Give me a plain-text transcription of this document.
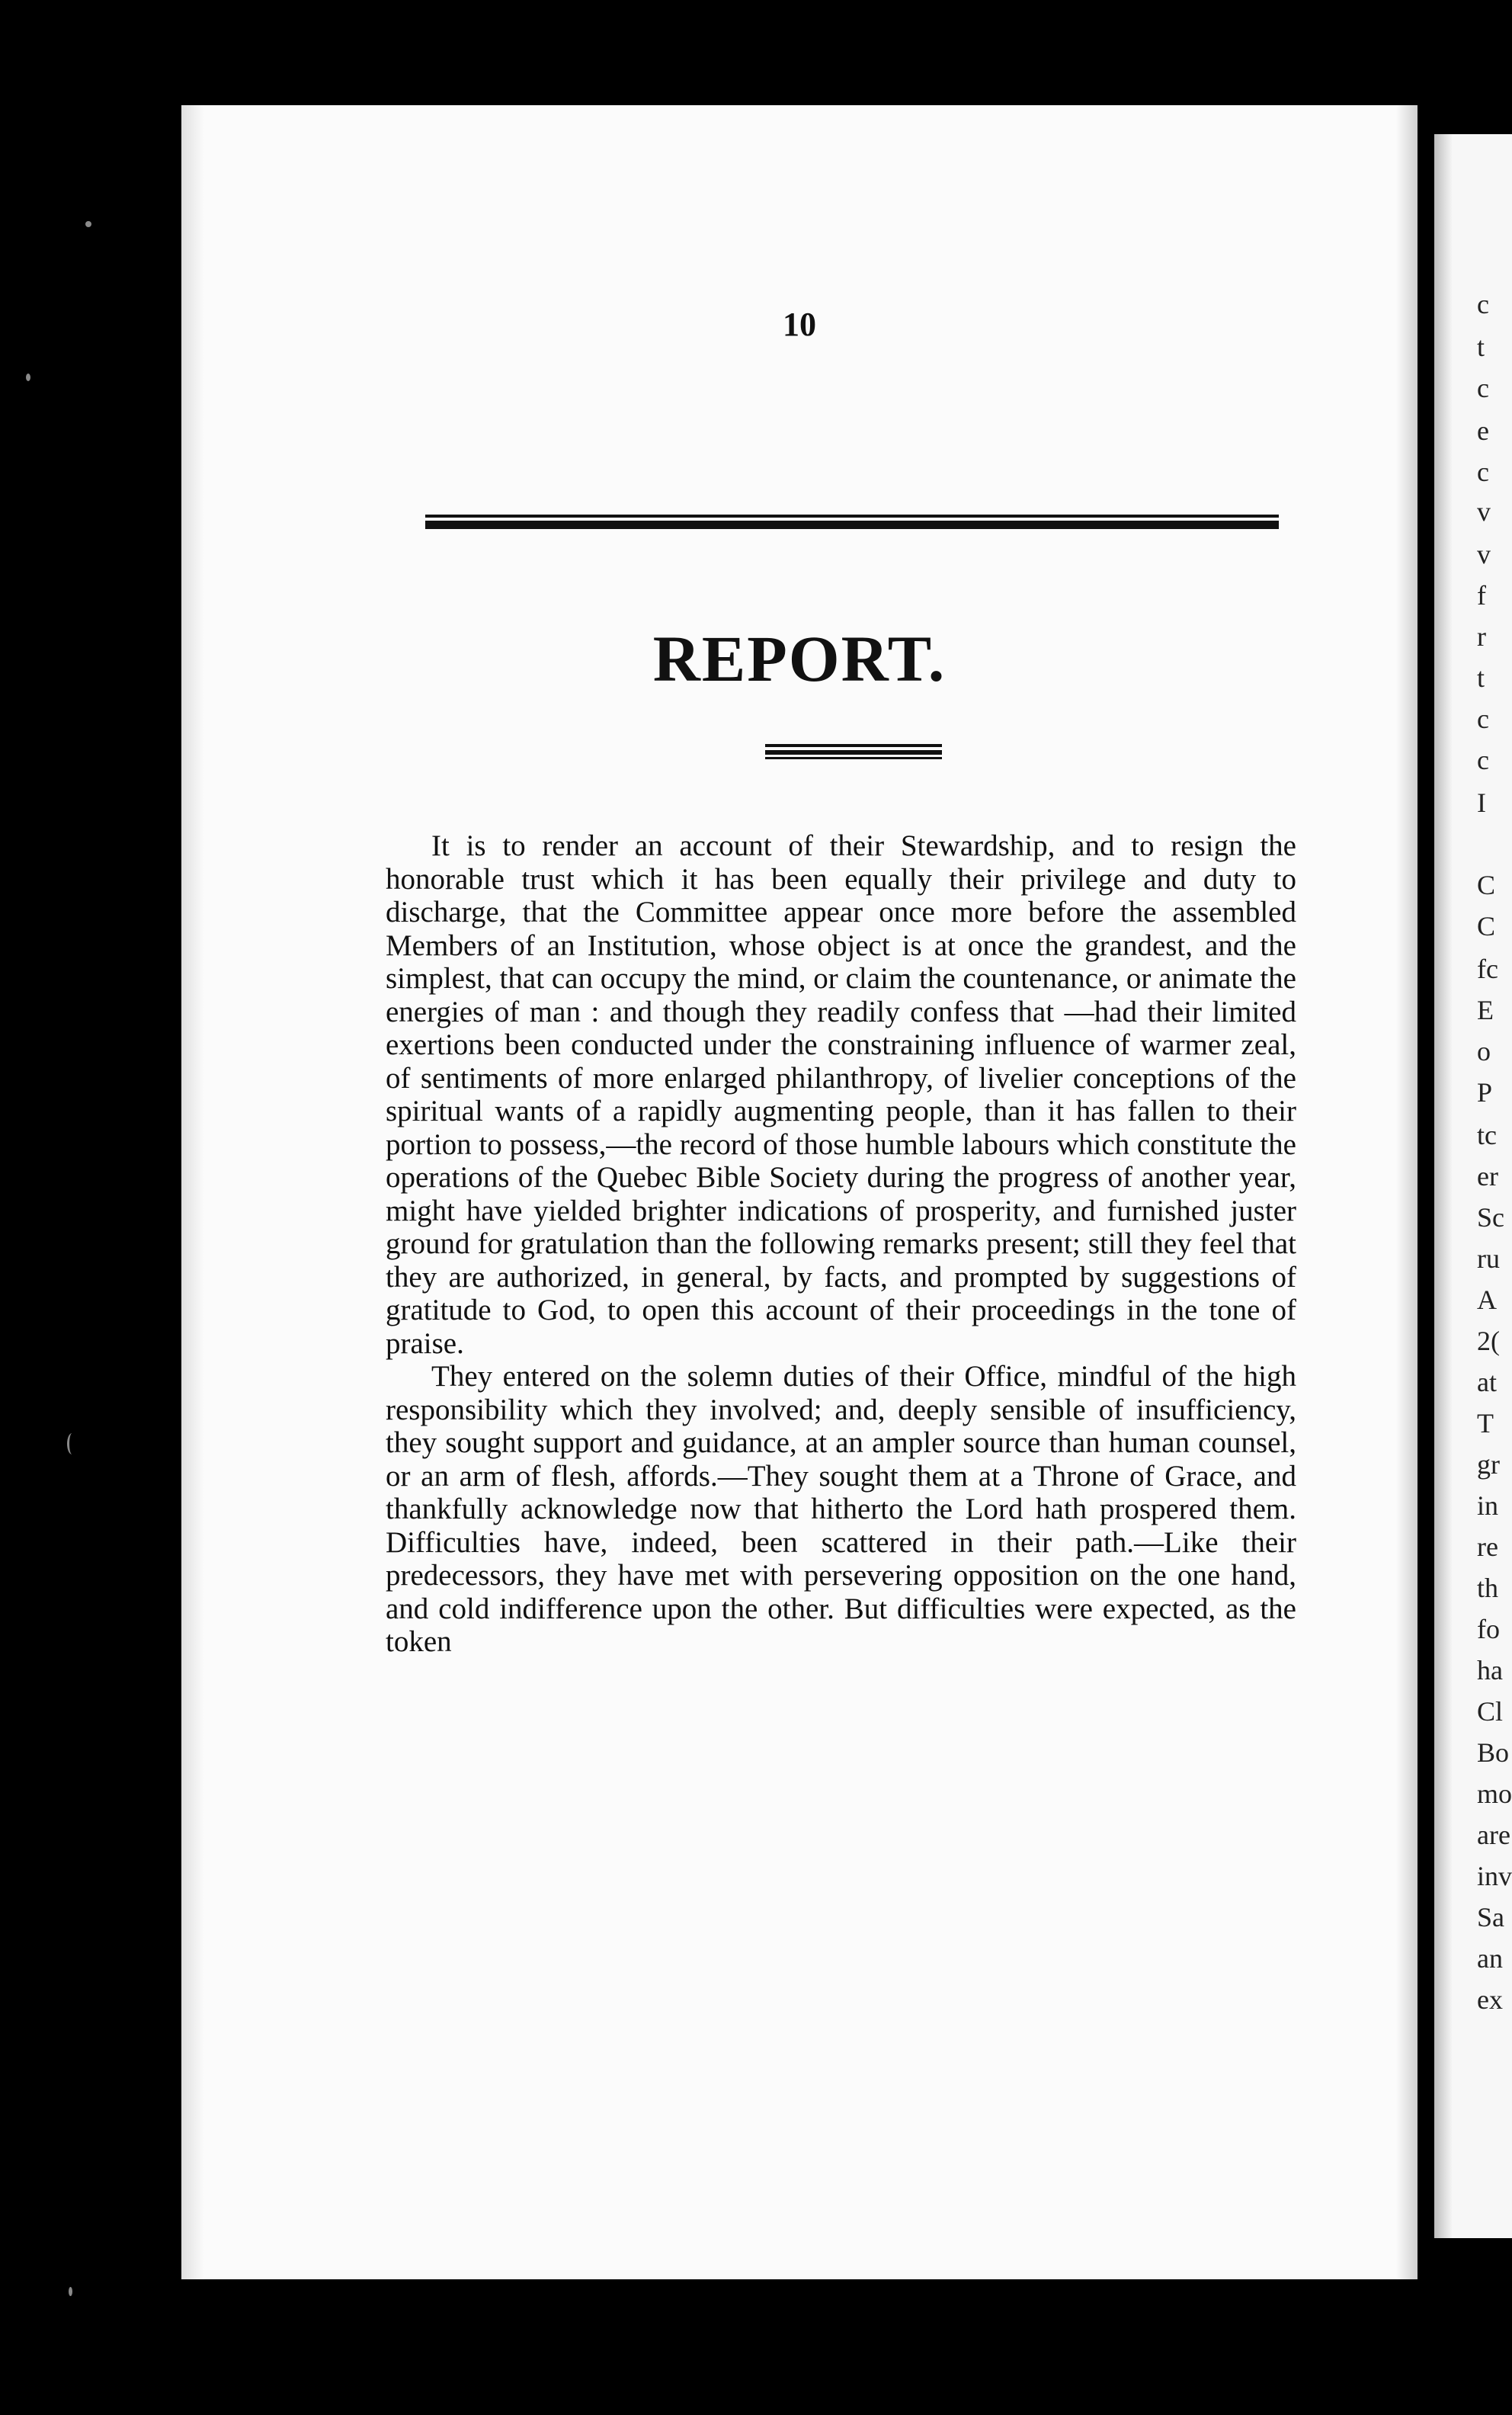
10
REPORT.

It is to render an account of their Stewardship, and to resign the honorable trust which it has been equally their privilege and duty to discharge, that the Committee appear once more before the assembled Members of an Institution, whose object is at once the grandest, and the simplest, that can occupy the mind, or claim the countenance, or animate the energies of man : and though they readily confess that —had their limited exertions been conducted under the constraining influence of warmer zeal, of sentiments of more enlarged philanthropy, of livelier conceptions of the spiritual wants of a rapidly augmenting people, than it has fallen to their portion to possess,—the record of those humble labours which constitute the operations of the Quebec Bible Society during the progress of another year, might have yielded brighter indications of prosperity, and furnished juster ground for gratulation than the following remarks present; still they feel that they are authorized, in general, by facts, and prompted by suggestions of gratitude to God, to open this account of their proceedings in the tone of praise.

They entered on the solemn duties of their Office, mindful of the high responsibility which they involved; and, deeply sensible of insufficiency, they sought support and guidance, at an ampler source than human counsel, or an arm of flesh, affords.—They sought them at a Throne of Grace, and thankfully acknowledge now that hitherto the Lord hath prospered them. Difficulties have, indeed, been scattered in their path.—Like their predecessors, they have met with persevering opposition on the one hand, and cold indifference upon the other. But difficulties were expected, as the token

c
t
c
e
c
v
v
f
r
t
c
c
I
C
C
fc
E
o
P
tc
er
Sc
ru
A
2(
at
T
gr
in
re
th
fo
ha
Cl
Bo
mo
are
inv
Sa
an
ex
